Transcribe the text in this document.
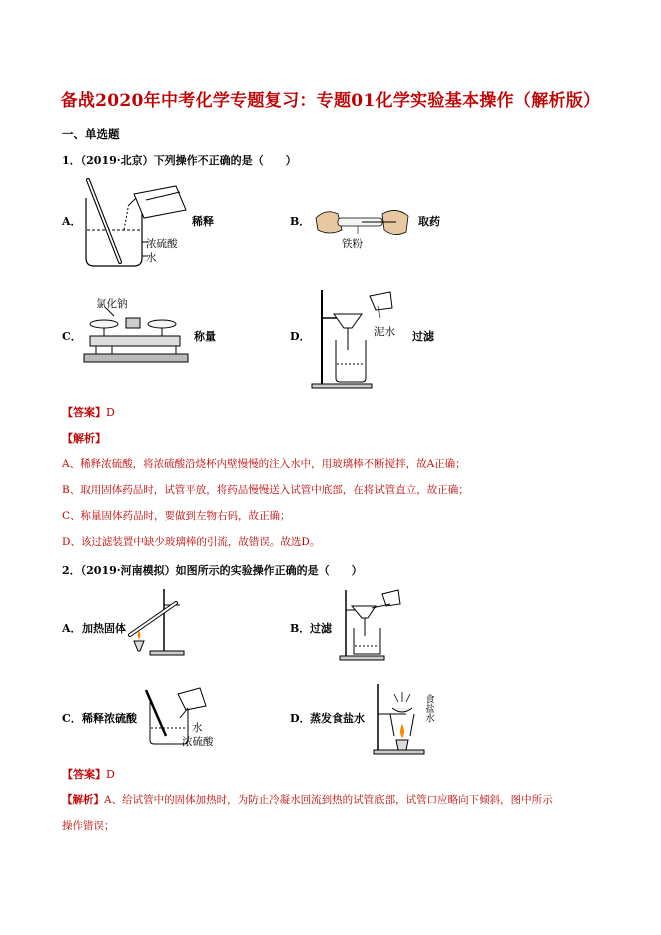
备战2020年中考化学专题复习：专题01化学实验基本操作（解析版）
一、单选题
1．（2019·北京）下列操作不正确的是（　　）
A．	稀释
浓硫酸
水
B．	取药
铁粉
氯化钠
C．	称量	D．	泥水 过滤
【答案】D
【解析】
A、稀释浓硫酸，将浓硫酸沿烧杯内壁慢慢的注入水中，用玻璃棒不断搅拌，故A正确；
B、取用固体药品时，试管平放，将药品慢慢送入试管中底部，在将试管直立，故正确；
C、称量固体药品时，要做到左物右码，故正确；
D、该过滤装置中缺少玻璃棒的引流，故错误。故选D。
2．（2019·河南模拟）如图所示的实验操作正确的是（　　）
A． 加热固体	B． 过滤
C． 稀释浓硫酸
水
浓硫酸
D． 蒸发食盐水	食盐水
【答案】D
【解析】A、给试管中的固体加热时，为防止冷凝水回流到热的试管底部，试管口应略向下倾斜，图中所示
操作错误；
